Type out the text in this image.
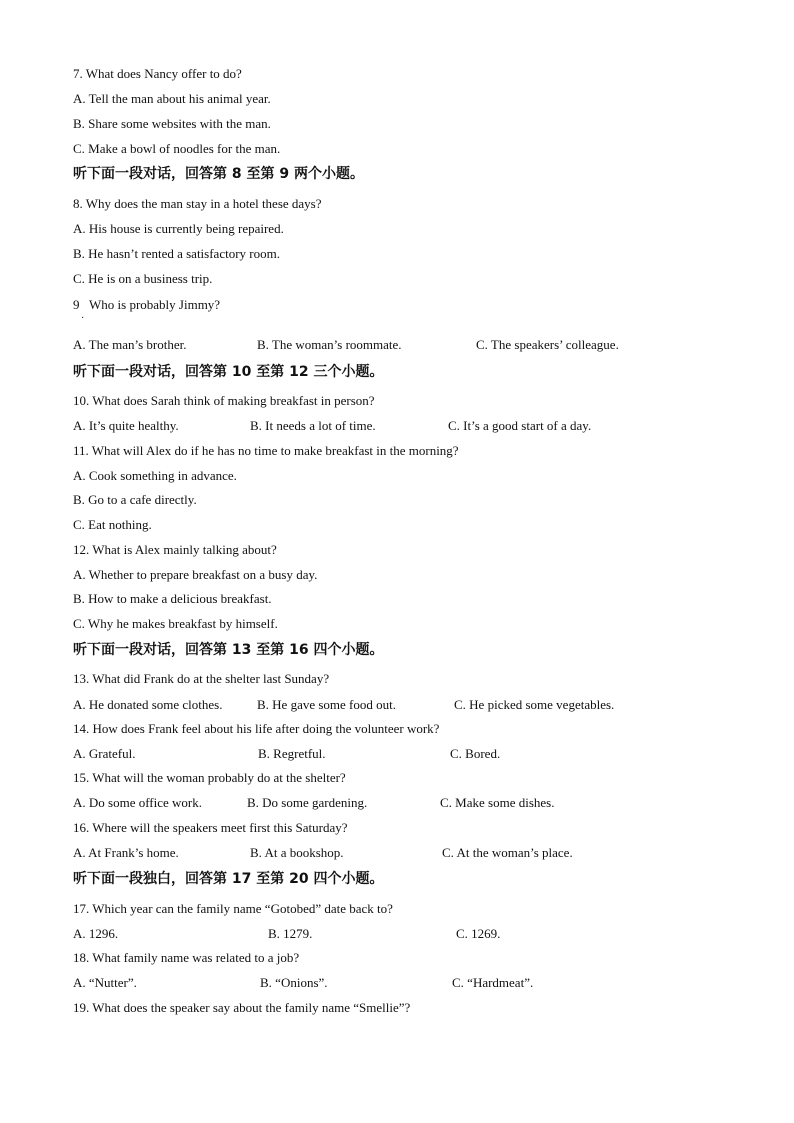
7. What does Nancy offer to do?
A. Tell the man about his animal year.
B. Share some websites with the man.
C. Make a bowl of noodles for the man.
听下面一段对话，回答第 8 至第 9 两个小题。
8. Why does the man stay in a hotel these days?
A. His house is currently being repaired.
B. He hasn’t rented a satisfactory room.
C. He is on a business trip.
9   Who is probably Jimmy?
·
A. The man’s brother.	B. The woman’s roommate.	C. The speakers’ colleague.
听下面一段对话，回答第 10 至第 12 三个小题。
10. What does Sarah think of making breakfast in person?
A. It’s quite healthy.	B. It needs a lot of time.	C. It’s a good start of a day.
11. What will Alex do if he has no time to make breakfast in the morning?
A. Cook something in advance.
B. Go to a cafe directly.
C. Eat nothing.
12. What is Alex mainly talking about?
A. Whether to prepare breakfast on a busy day.
B. How to make a delicious breakfast.
C. Why he makes breakfast by himself.
听下面一段对话，回答第 13 至第 16 四个小题。
13. What did Frank do at the shelter last Sunday?
A. He donated some clothes.	B. He gave some food out.	C. He picked some vegetables.
14. How does Frank feel about his life after doing the volunteer work?
A. Grateful.	B. Regretful.	C. Bored.
15. What will the woman probably do at the shelter?
A. Do some office work.	B. Do some gardening.	C. Make some dishes.
16. Where will the speakers meet first this Saturday?
A. At Frank’s home.	B. At a bookshop.	C. At the woman’s place.
听下面一段独白，回答第 17 至第 20 四个小题。
17. Which year can the family name “Gotobed” date back to?
A. 1296.	B. 1279.	C. 1269.
18. What family name was related to a job?
A. “Nutter”.	B. “Onions”.	C. “Hardmeat”.
19. What does the speaker say about the family name “Smellie”?
